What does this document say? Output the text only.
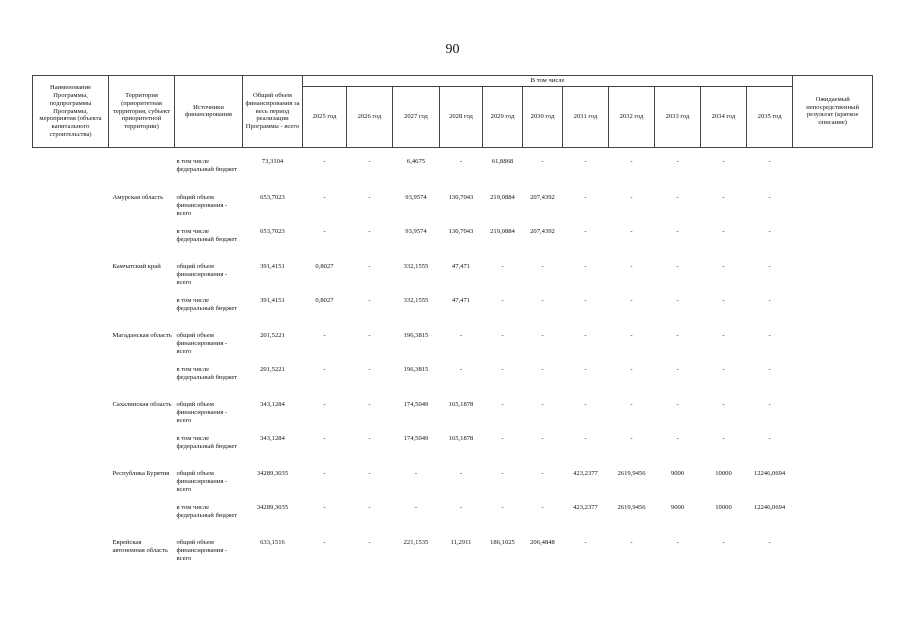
90
Наименование Программы, подпрограммы Программы, мероприятия (объекта капитального строительства)	Территория (приоритетная территория, субъект приоритетной территории)	Источники финансирования	Общий объем финансирования за весь период реализации Программы - всего	В том числе											Ожидаемый непосредственный результат (краткое описание)
				2025 год	2026 год	2027 год	2028 год	2029 год	2030 год	2031 год	2032 год	2033 год	2034 год	2035 год	
		в том числе федеральный бюджет	73,3104	-	-	6,4675	-	61,8868	-	-	-	-	-	-	
	Амурская область	общий объем финансирования - всего	653,7023	-	-	93,9574	130,7043	219,0884	207,4392	-	-	-	-	-	
		в том числе федеральный бюджет	653,7023	-	-	93,9574	130,7043	219,0884	207,4392	-	-	-	-	-	
	Камчатский край	общий объем финансирования - всего	391,4151	0,8027	-	332,1555	47,471	-	-	-	-	-	-	-	
		в том числе федеральный бюджет	391,4151	0,8027	-	332,1555	47,471	-	-	-	-	-	-	-	
	Магаданская область	общий объем финансирования - всего	201,5221	-	-	196,3815	-	-	-	-	-	-	-	-	
		в том числе федеральный бюджет	201,5221	-	-	196,3815	-	-	-	-	-	-	-	-	
	Сахалинская область	общий объем финансирования - всего	343,1284	-	-	174,5049	165,1878	-	-	-	-	-	-	-	
		в том числе федеральный бюджет	343,1284	-	-	174,5049	165,1878	-	-	-	-	-	-	-	
	Республика Бурятия	общий объем финансирования - всего	34289,3035	-	-	-	-	-	-	423,2377	2619,9456	9000	10000	12246,0694	
		в том числе федеральный бюджет	34289,3035	-	-	-	-	-	-	423,2377	2619,9456	9000	10000	12246,0694	
	Еврейская автономная область	общий объем финансирования - всего	633,1516	-	-	221,1535	11,2911	186,1025	206,4848	-	-	-	-	-	
